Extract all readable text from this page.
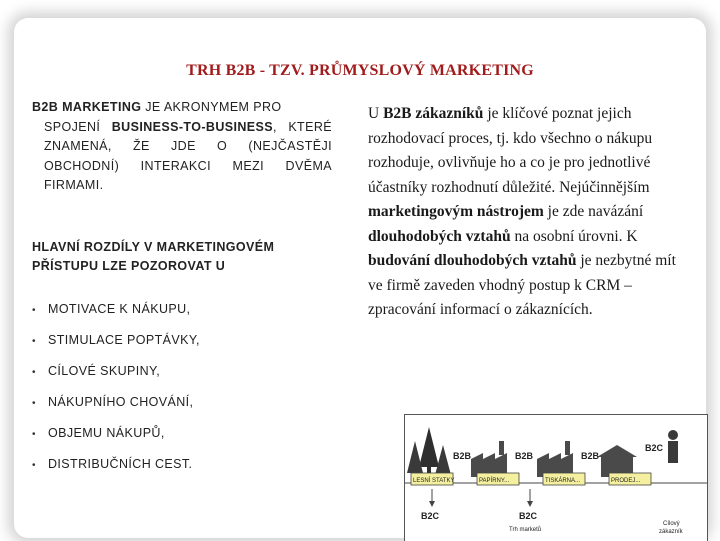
TRH B2B - TZV. PRŮMYSLOVÝ MARKETING

B2B MARKETING JE AKRONYMEM PRO
SPOJENÍ BUSINESS-TO-BUSINESS, KTERÉ ZNAMENÁ, ŽE JDE O (NEJČASTĚJI OBCHODNÍ) INTERAKCI MEZI DVĚMA FIRMAMI.

HLAVNÍ ROZDÍLY V MARKETINGOVÉM PŘÍSTUPU LZE POZOROVAT U

• MOTIVACE K NÁKUPU,
• STIMULACE POPTÁVKY,
• CÍLOVÉ SKUPINY,
• NÁKUPNÍHO CHOVÁNÍ,
• OBJEMU NÁKUPŮ,
• DISTRIBUČNÍCH CEST.
U B2B zákazníků je klíčové poznat jejich rozhodovací proces, tj. kdo všechno o nákupu rozhoduje, ovlivňuje ho a co je pro jednotlivé účastníky rozhodnutí důležité. Nejúčinnějším marketingovým nástrojem je zde navázání dlouhodobých vztahů na osobní úrovni. K budování dlouhodobých vztahů je nezbytné mít ve firmě zaveden vhodný postup k CRM – zpracování informací o zákaznících.
B2B	B2B	B2B
B2C
LESNÍ STATKY	PAPÍRNY...	TISKÁRNA...	PRODEJ...
B2C	B2C
Trh marketů
Cílový
zákazník
